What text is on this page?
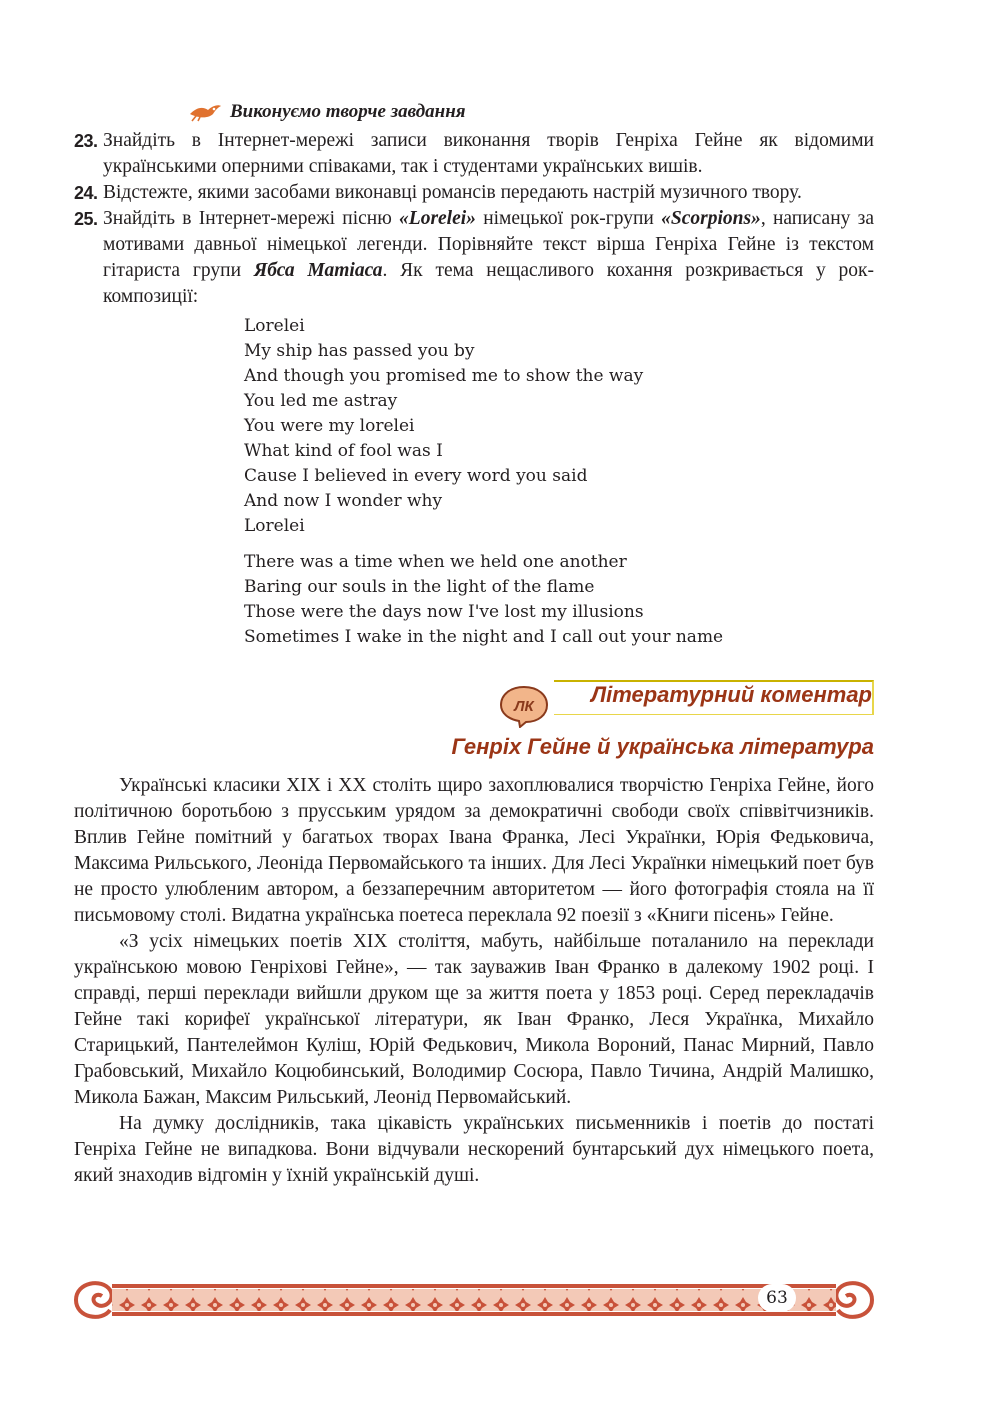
Виконуємо творче завдання
23. Знайдіть в Інтернет-мережі записи виконання творів Генріха Гейне як відомими українськими оперними співаками, так і студентами українських вишів.
24. Відстежте, якими засобами виконавці романсів передають настрій музичного твору.
25. Знайдіть в Інтернет-мережі пісню «Lorelei» німецької рок-групи «Scorpions», написану за мотивами давньої німецької легенди. Порівняйте текст вірша Генріха Гейне із текстом гітариста групи Ябса Матіаса. Як тема нещасливого кохання розкривається у рок-композиції:
Lorelei
My ship has passed you by
And though you promised me to show the way
You led me astray
You were my lorelei
What kind of fool was I
Cause I believed in every word you said
And now I wonder why
Lorelei
There was a time when we held one another
Baring our souls in the light of the flame
Those were the days now I've lost my illusions
Sometimes I wake in the night and I call out your name
ЛК	Літературний коментар
Генріх Гейне й українська література

Українські класики XIX і XX століть щиро захоплювалися творчістю Генріха Гейне, його політичною боротьбою з прусським урядом за демократичні свободи своїх співвітчизників. Вплив Гейне помітний у багатьох творах Івана Франка, Лесі Українки, Юрія Федьковича, Максима Рильського, Леоніда Первомайського та інших. Для Лесі Українки німецький поет був не просто улюбленим автором, а беззаперечним авторитетом — його фотографія стояла на її письмовому столі. Видатна українська поетеса переклала 92 поезії з «Книги пісень» Гейне.

«З усіх німецьких поетів XIX століття, мабуть, найбільше поталанило на переклади українською мовою Генріхові Гейне», — так зауважив Іван Франко в далекому 1902 році. І справді, перші переклади вийшли друком ще за життя поета у 1853 році. Серед перекладачів Гейне такі корифеї української літератури, як Іван Франко, Леся Українка, Михайло Старицький, Пантелеймон Куліш, Юрій Федькович, Микола Вороний, Панас Мирний, Павло Грабовський, Михайло Коцюбинський, Володимир Сосюра, Павло Тичина, Андрій Малишко, Микола Бажан, Максим Рильський, Леонід Первомайський.

На думку дослідників, така цікавість українських письменників і поетів до постаті Генріха Гейне не випадкова. Вони відчували нескорений бунтарський дух німецького поета, який знаходив відгомін у їхній українській душі.

63
